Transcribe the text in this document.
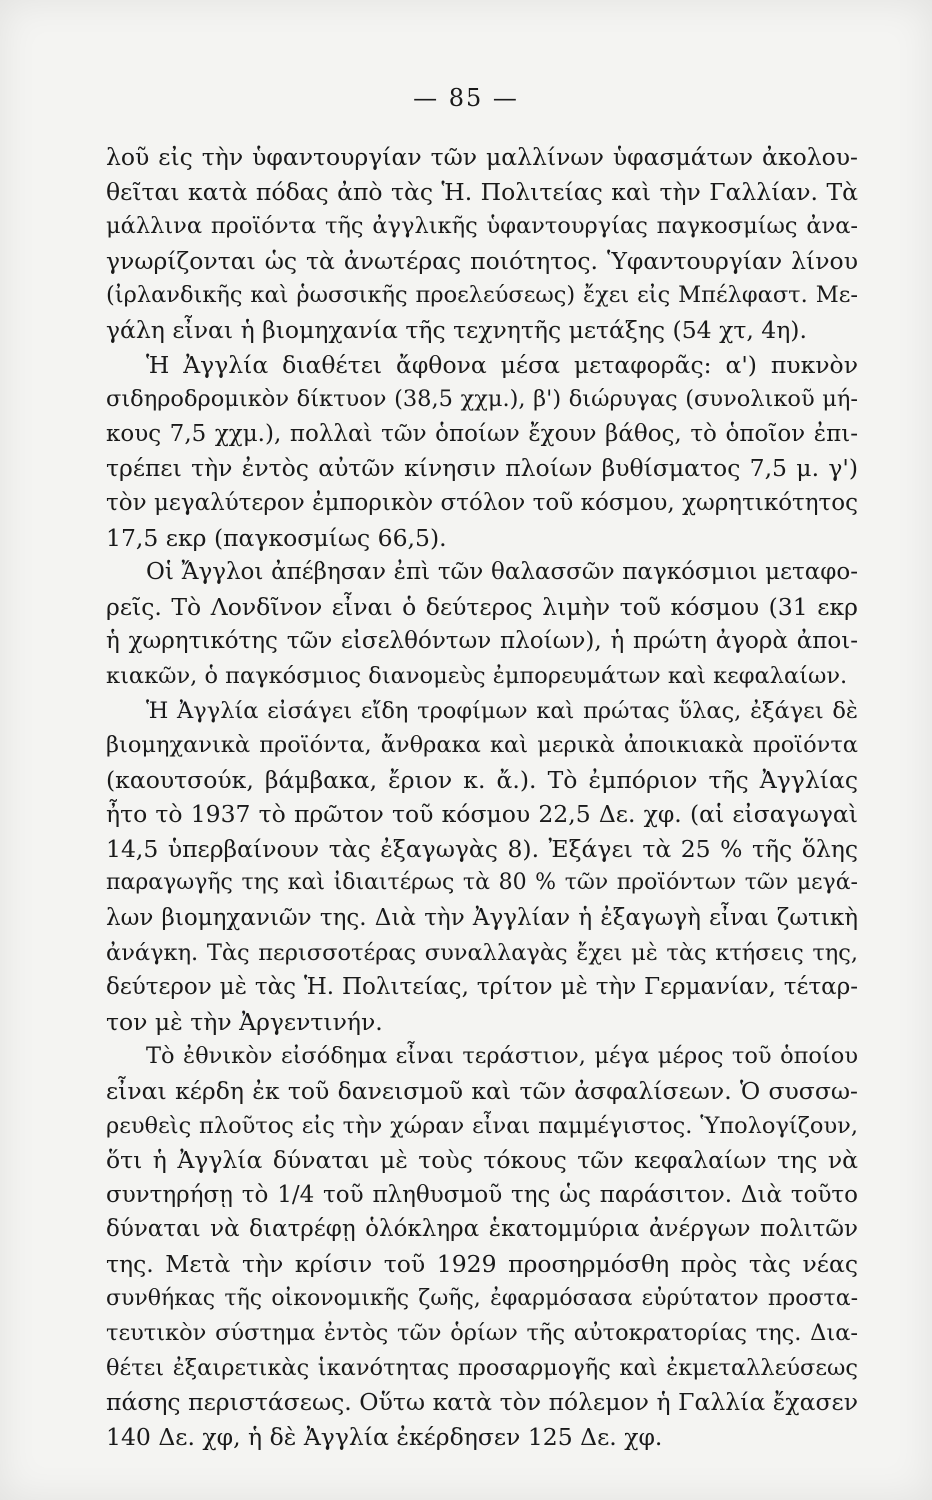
— 85 —
λοῦ εἰς τὴν ὑφαντουργίαν τῶν μαλλίνων ὑφασμάτων ἀκολου-
θεῖται κατὰ πόδας ἀπὸ τὰς Ἡ. Πολιτείας καὶ τὴν Γαλλίαν. Τὰ
μάλλινα προϊόντα τῆς ἀγγλικῆς ὑφαντουργίας παγκοσμίως ἀνα-
γνωρίζονται ὡς τὰ ἀνωτέρας ποιότητος. Ὑφαντουργίαν λίνου
(ἰρλανδικῆς καὶ ῥωσσικῆς προελεύσεως) ἔχει εἰς Μπέλφαστ. Με-
γάλη εἶναι ἡ βιομηχανία τῆς τεχνητῆς μετάξης (54 χτ, 4η).
Ἡ Ἀγγλία διαθέτει ἄφθονα μέσα μεταφορᾶς: α') πυκνὸν
σιδηροδρομικὸν δίκτυον (38,5 χχμ.), β') διώρυγας (συνολικοῦ μή-
κους 7,5 χχμ.), πολλαὶ τῶν ὁποίων ἔχουν βάθος, τὸ ὁποῖον ἐπι-
τρέπει τὴν ἐντὸς αὐτῶν κίνησιν πλοίων βυθίσματος 7,5 μ. γ')
τὸν μεγαλύτερον ἐμπορικὸν στόλον τοῦ κόσμου, χωρητικότητος
17,5 εκρ (παγκοσμίως 66,5).
Οἱ Ἄγγλοι ἀπέβησαν ἐπὶ τῶν θαλασσῶν παγκόσμιοι μεταφο-
ρεῖς. Τὸ Λονδῖνον εἶναι ὁ δεύτερος λιμὴν τοῦ κόσμου (31 εκρ
ἡ χωρητικότης τῶν εἰσελθόντων πλοίων), ἡ πρώτη ἀγορὰ ἀποι-
κιακῶν, ὁ παγκόσμιος διανομεὺς ἐμπορευμάτων καὶ κεφαλαίων.
Ἡ Ἀγγλία εἰσάγει εἴδη τροφίμων καὶ πρώτας ὕλας, ἐξάγει δὲ
βιομηχανικὰ προϊόντα, ἄνθρακα καὶ μερικὰ ἀποικιακὰ προϊόντα
(καουτσούκ, βάμβακα, ἔριον κ. ἄ.). Τὸ ἐμπόριον τῆς Ἀγγλίας
ἦτο τὸ 1937 τὸ πρῶτον τοῦ κόσμου 22,5 Δε. χφ. (αἱ εἰσαγωγαὶ
14,5 ὑπερβαίνουν τὰς ἐξαγωγὰς 8). Ἐξάγει τὰ 25 % τῆς ὅλης
παραγωγῆς της καὶ ἰδιαιτέρως τὰ 80 % τῶν προϊόντων τῶν μεγά-
λων βιομηχανιῶν της. Διὰ τὴν Ἀγγλίαν ἡ ἐξαγωγὴ εἶναι ζωτικὴ
ἀνάγκη. Τὰς περισσοτέρας συναλλαγὰς ἔχει μὲ τὰς κτήσεις της,
δεύτερον μὲ τὰς Ἡ. Πολιτείας, τρίτον μὲ τὴν Γερμανίαν, τέταρ-
τον μὲ τὴν Ἀργεντινήν.
Τὸ ἐθνικὸν εἰσόδημα εἶναι τεράστιον, μέγα μέρος τοῦ ὁποίου
εἶναι κέρδη ἐκ τοῦ δανεισμοῦ καὶ τῶν ἀσφαλίσεων. Ὁ συσσω-
ρευθεὶς πλοῦτος εἰς τὴν χώραν εἶναι παμμέγιστος. Ὑπολογίζουν,
ὅτι ἡ Ἀγγλία δύναται μὲ τοὺς τόκους τῶν κεφαλαίων της νὰ
συντηρήσῃ τὸ 1/4 τοῦ πληθυσμοῦ της ὡς παράσιτον. Διὰ τοῦτο
δύναται νὰ διατρέφῃ ὁλόκληρα ἑκατομμύρια ἀνέργων πολιτῶν
της. Μετὰ τὴν κρίσιν τοῦ 1929 προσηρμόσθη πρὸς τὰς νέας
συνθήκας τῆς οἰκονομικῆς ζωῆς, ἐφαρμόσασα εὐρύτατον προστα-
τευτικὸν σύστημα ἐντὸς τῶν ὁρίων τῆς αὐτοκρατορίας της. Δια-
θέτει ἐξαιρετικὰς ἱκανότητας προσαρμογῆς καὶ ἐκμεταλλεύσεως
πάσης περιστάσεως. Οὕτω κατὰ τὸν πόλεμον ἡ Γαλλία ἔχασεν
140 Δε. χφ, ἡ δὲ Ἀγγλία ἐκέρδησεν 125 Δε. χφ.
